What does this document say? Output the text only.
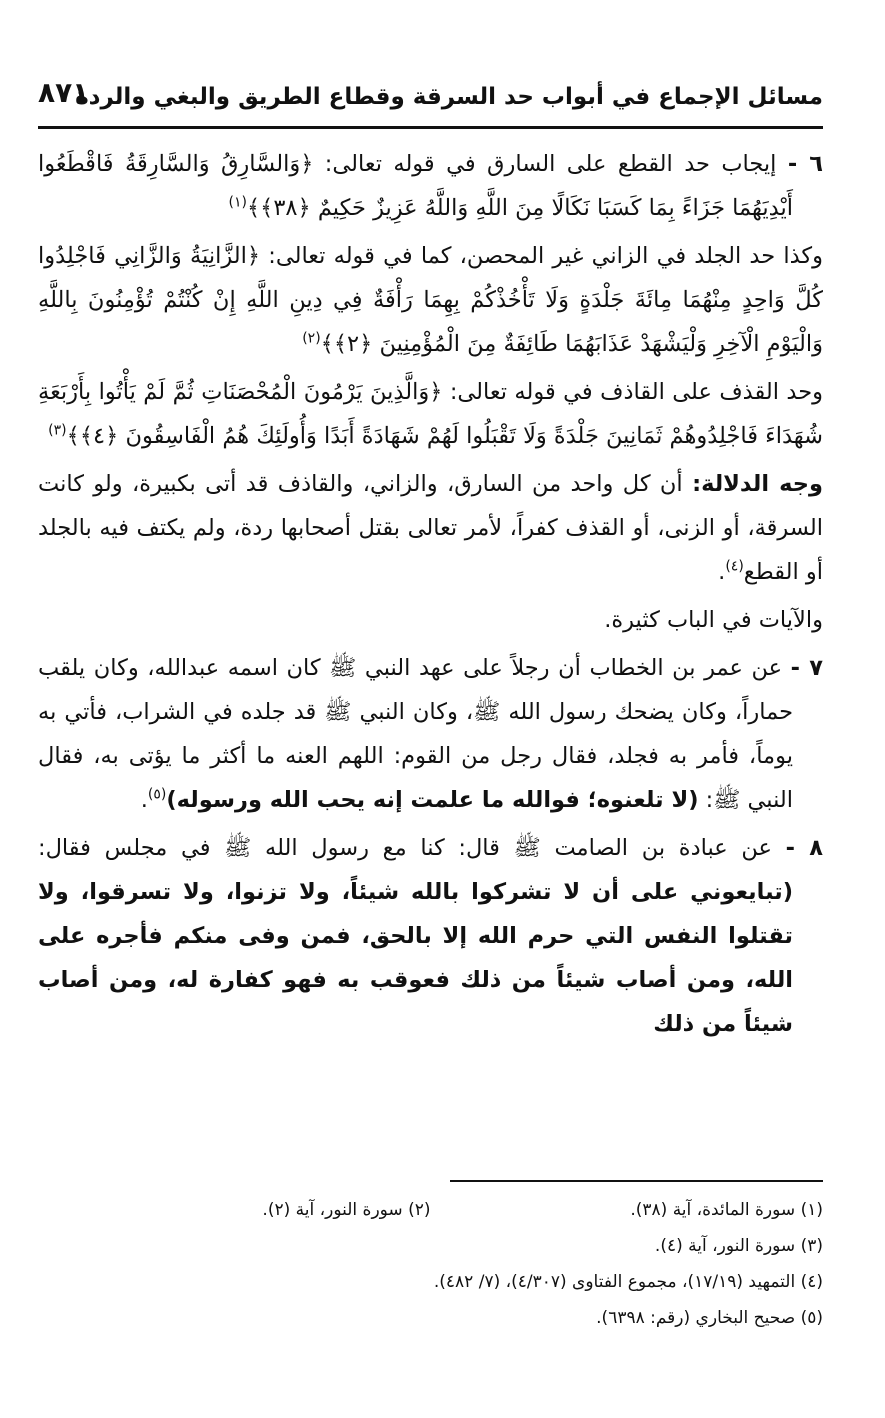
٨٧١
مسائل الإجماع في أبواب حد السرقة وقطاع الطريق والبغي والردة

٦ - إيجاب حد القطع على السارق في قوله تعالى: ﴿وَالسَّارِقُ وَالسَّارِقَةُ فَاقْطَعُوا أَيْدِيَهُمَا جَزَاءً بِمَا كَسَبَا نَكَالًا مِنَ اللَّهِ وَاللَّهُ عَزِيزٌ حَكِيمٌ ﴿٣٨﴾﴾$^{(١)}$

وكذا حد الجلد في الزاني غير المحصن، كما في قوله تعالى: ﴿الزَّانِيَةُ وَالزَّانِي فَاجْلِدُوا كُلَّ وَاحِدٍ مِنْهُمَا مِائَةَ جَلْدَةٍ وَلَا تَأْخُذْكُمْ بِهِمَا رَأْفَةٌ فِي دِينِ اللَّهِ إِنْ كُنْتُمْ تُؤْمِنُونَ بِاللَّهِ وَالْيَوْمِ الْآخِرِ وَلْيَشْهَدْ عَذَابَهُمَا طَائِفَةٌ مِنَ الْمُؤْمِنِينَ ﴿٢﴾﴾$^{(٢)}$

وحد القذف على القاذف في قوله تعالى: ﴿وَالَّذِينَ يَرْمُونَ الْمُحْصَنَاتِ ثُمَّ لَمْ يَأْتُوا بِأَرْبَعَةِ شُهَدَاءَ فَاجْلِدُوهُمْ ثَمَانِينَ جَلْدَةً وَلَا تَقْبَلُوا لَهُمْ شَهَادَةً أَبَدًا وَأُولَئِكَ هُمُ الْفَاسِقُونَ ﴿٤﴾﴾$^{(٣)}$

وجه الدلالة: أن كل واحد من السارق، والزاني، والقاذف قد أتى بكبيرة، ولو كانت السرقة، أو الزنى، أو القذف كفراً، لأمر تعالى بقتل أصحابها ردة، ولم يكتف فيه بالجلد أو القطع$^{(٤)}$.

والآيات في الباب كثيرة.

٧ - عن عمر بن الخطاب أن رجلاً على عهد النبي ﷺ كان اسمه عبدالله، وكان يلقب حماراً، وكان يضحك رسول الله ﷺ، وكان النبي ﷺ قد جلده في الشراب، فأتي به يوماً، فأمر به فجلد، فقال رجل من القوم: اللهم العنه ما أكثر ما يؤتى به، فقال النبي ﷺ: (لا تلعنوه؛ فوالله ما علمت إنه يحب الله ورسوله)$^{(٥)}$.

٨ - عن عبادة بن الصامت ﷺ قال: كنا مع رسول الله ﷺ في مجلس فقال: (تبايعوني على أن لا تشركوا بالله شيئاً، ولا تزنوا، ولا تسرقوا، ولا تقتلوا النفس التي حرم الله إلا بالحق، فمن وفى منكم فأجره على الله، ومن أصاب شيئاً من ذلك فعوقب به فهو كفارة له، ومن أصاب شيئاً من ذلك

(١) سورة المائدة، آية (٣٨).
(٢) سورة النور، آية (٢).
(٣) سورة النور، آية (٤).
(٤) التمهيد (١٧/١٩)، مجموع الفتاوى (٤/٣٠٧)، (٧/ ٤٨٢).
(٥) صحيح البخاري (رقم: ٦٣٩٨).
